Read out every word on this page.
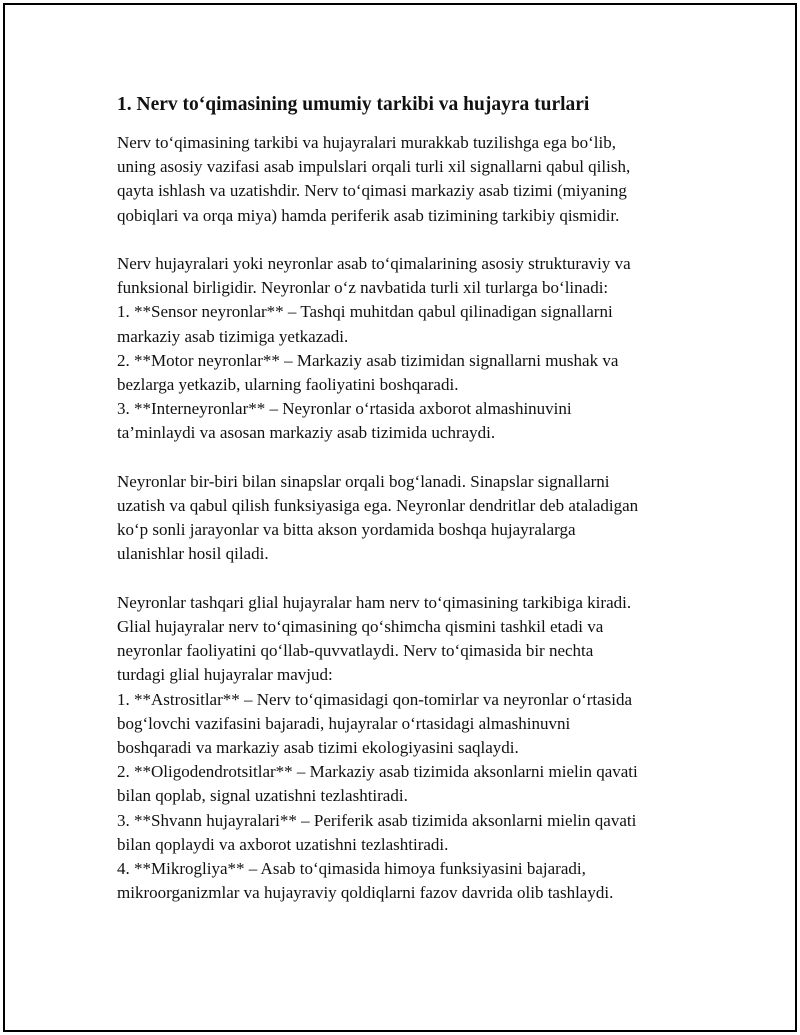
1. Nerv to‘qimasining umumiy tarkibi va hujayra turlari
Nerv to‘qimasining tarkibi va hujayralari murakkab tuzilishga ega bo‘lib,
uning asosiy vazifasi asab impulslari orqali turli xil signallarni qabul qilish,
qayta ishlash va uzatishdir. Nerv to‘qimasi markaziy asab tizimi (miyaning
qobiqlari va orqa miya) hamda periferik asab tizimining tarkibiy qismidir.
Nerv hujayralari yoki neyronlar asab to‘qimalarining asosiy strukturaviy va
funksional birligidir. Neyronlar o‘z navbatida turli xil turlarga bo‘linadi:
1. **Sensor neyronlar** – Tashqi muhitdan qabul qilinadigan signallarni
markaziy asab tizimiga yetkazadi.
2. **Motor neyronlar** – Markaziy asab tizimidan signallarni mushak va
bezlarga yetkazib, ularning faoliyatini boshqaradi.
3. **Interneyronlar** – Neyronlar o‘rtasida axborot almashinuvini
ta’minlaydi va asosan markaziy asab tizimida uchraydi.
Neyronlar bir-biri bilan sinapslar orqali bog‘lanadi. Sinapslar signallarni
uzatish va qabul qilish funksiyasiga ega. Neyronlar dendritlar deb ataladigan
ko‘p sonli jarayonlar va bitta akson yordamida boshqa hujayralarga
ulanishlar hosil qiladi.
Neyronlar tashqari glial hujayralar ham nerv to‘qimasining tarkibiga kiradi.
Glial hujayralar nerv to‘qimasining qo‘shimcha qismini tashkil etadi va
neyronlar faoliyatini qo‘llab-quvvatlaydi. Nerv to‘qimasida bir nechta
turdagi glial hujayralar mavjud:
1. **Astrositlar** – Nerv to‘qimasidagi qon-tomirlar va neyronlar o‘rtasida
bog‘lovchi vazifasini bajaradi, hujayralar o‘rtasidagi almashinuvni
boshqaradi va markaziy asab tizimi ekologiyasini saqlaydi.
2. **Oligodendrotsitlar** – Markaziy asab tizimida aksonlarni mielin qavati
bilan qoplab, signal uzatishni tezlashtiradi.
3. **Shvann hujayralari** – Periferik asab tizimida aksonlarni mielin qavati
bilan qoplaydi va axborot uzatishni tezlashtiradi.
4. **Mikrogliya** – Asab to‘qimasida himoya funksiyasini bajaradi,
mikroorganizmlar va hujayraviy qoldiqlarni fazov davrida olib tashlaydi.
